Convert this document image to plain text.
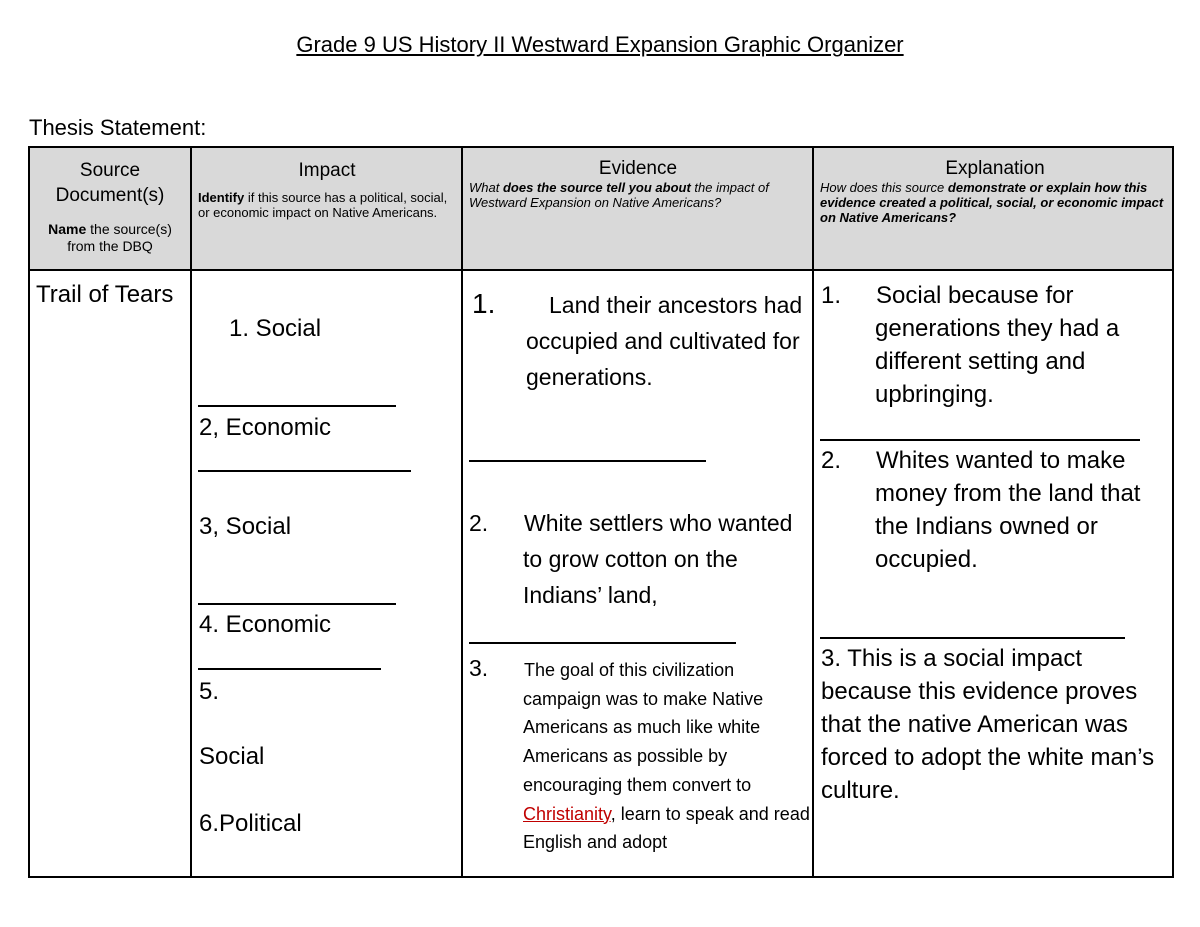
Grade 9 US History II Westward Expansion Graphic Organizer
Thesis Statement:
Source Document(s)
Name the source(s) from the DBQ
Impact
Identify if this source has a political, social, or economic impact on Native Americans.
Evidence
What does the source tell you about the impact of Westward Expansion on Native Americans?
Explanation
How does this source demonstrate or explain how this evidence created a political, social, or economic impact on Native Americans?
Trail of Tears
1. Social
2, Economic
3, Social
4. Economic
5.
Social
6.Political
1. Land their ancestors had occupied and cultivated for generations.
2. White settlers who wanted to grow cotton on the Indians’ land,
3. The goal of this civilization campaign was to make Native Americans as much like white Americans as possible by encouraging them convert to Christianity, learn to speak and read English and adopt
1. Social because for generations they had a different setting and upbringing.
2. Whites wanted to make money from the land that the Indians owned or occupied.
3. This is a social impact because this evidence proves that the native American was forced to adopt the white man’s culture.
